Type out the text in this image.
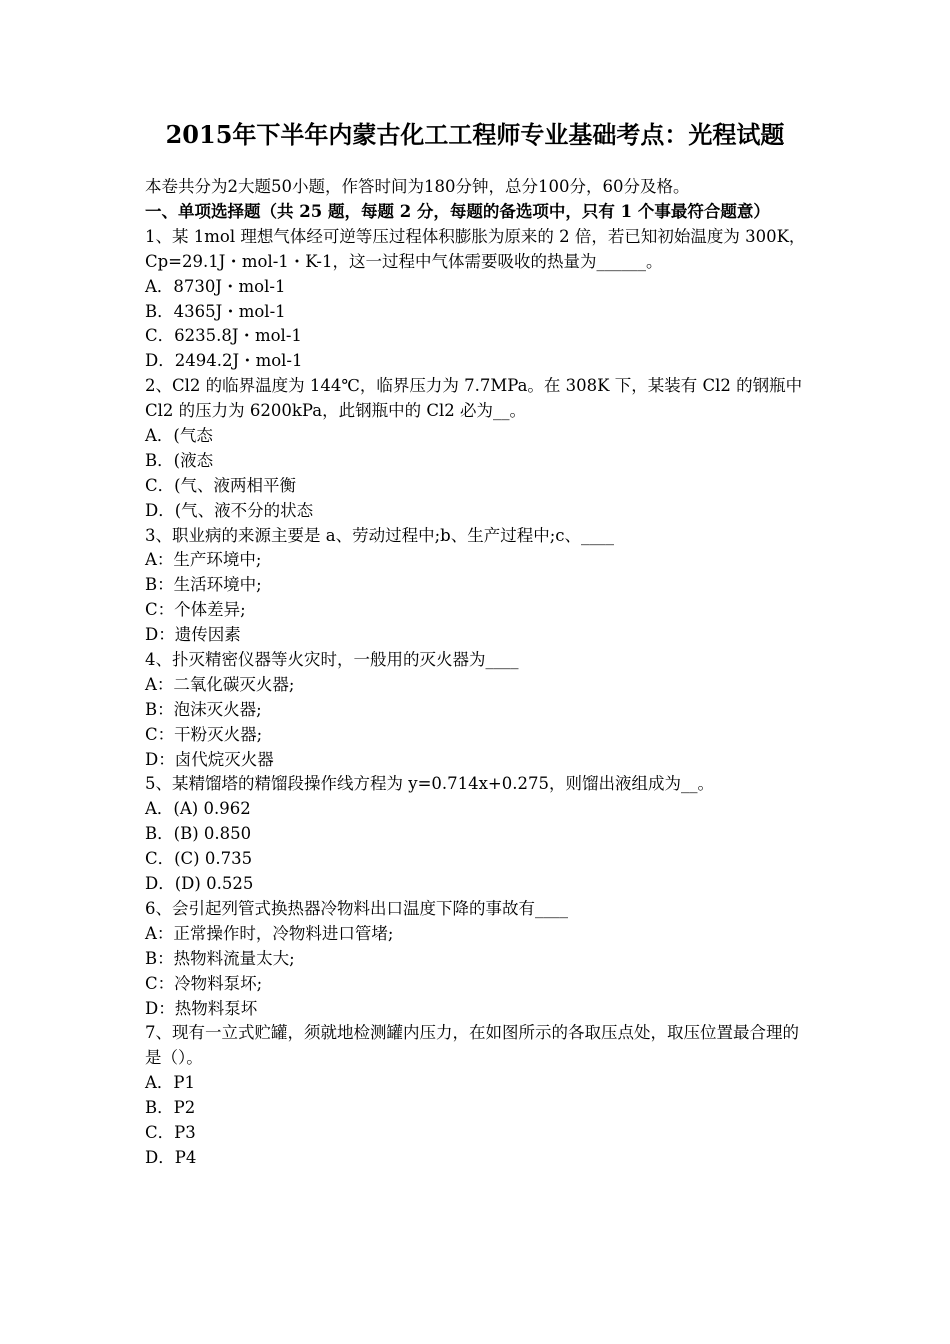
2015年下半年内蒙古化工工程师专业基础考点：光程试题
本卷共分为2大题50小题，作答时间为180分钟，总分100分，60分及格。
一、单项选择题（共 25 题，每题 2 分，每题的备选项中，只有 1 个事最符合题意）
1、某 1mol 理想气体经可逆等压过程体积膨胀为原来的 2 倍，若已知初始温度为 300K，Cp=29.1J・mol-1・K-1，这一过程中气体需要吸收的热量为______。
A．8730J・mol-1
B．4365J・mol-1
C．6235.8J・mol-1
D．2494.2J・mol-1
2、Cl2 的临界温度为 144℃，临界压力为 7.7MPa。在 308K 下，某装有 Cl2 的钢瓶中 Cl2 的压力为 6200kPa，此钢瓶中的 Cl2 必为__。
A．(气态
B．(液态
C．(气、液两相平衡
D．(气、液不分的状态
3、职业病的来源主要是 a、劳动过程中;b、生产过程中;c、____
A：生产环境中;
B：生活环境中;
C：个体差异;
D：遗传因素
4、扑灭精密仪器等火灾时，一般用的灭火器为____
A：二氧化碳灭火器;
B：泡沫灭火器;
C：干粉灭火器;
D：卤代烷灭火器
5、某精馏塔的精馏段操作线方程为 y=0.714x+0.275，则馏出液组成为__。
A．(A) 0.962
B．(B) 0.850
C．(C) 0.735
D．(D) 0.525
6、会引起列管式换热器冷物料出口温度下降的事故有____
A：正常操作时，冷物料进口管堵;
B：热物料流量太大;
C：冷物料泵坏;
D：热物料泵坏
7、现有一立式贮罐，须就地检测罐内压力，在如图所示的各取压点处，取压位置最合理的是（）。
A．P1
B．P2
C．P3
D．P4
